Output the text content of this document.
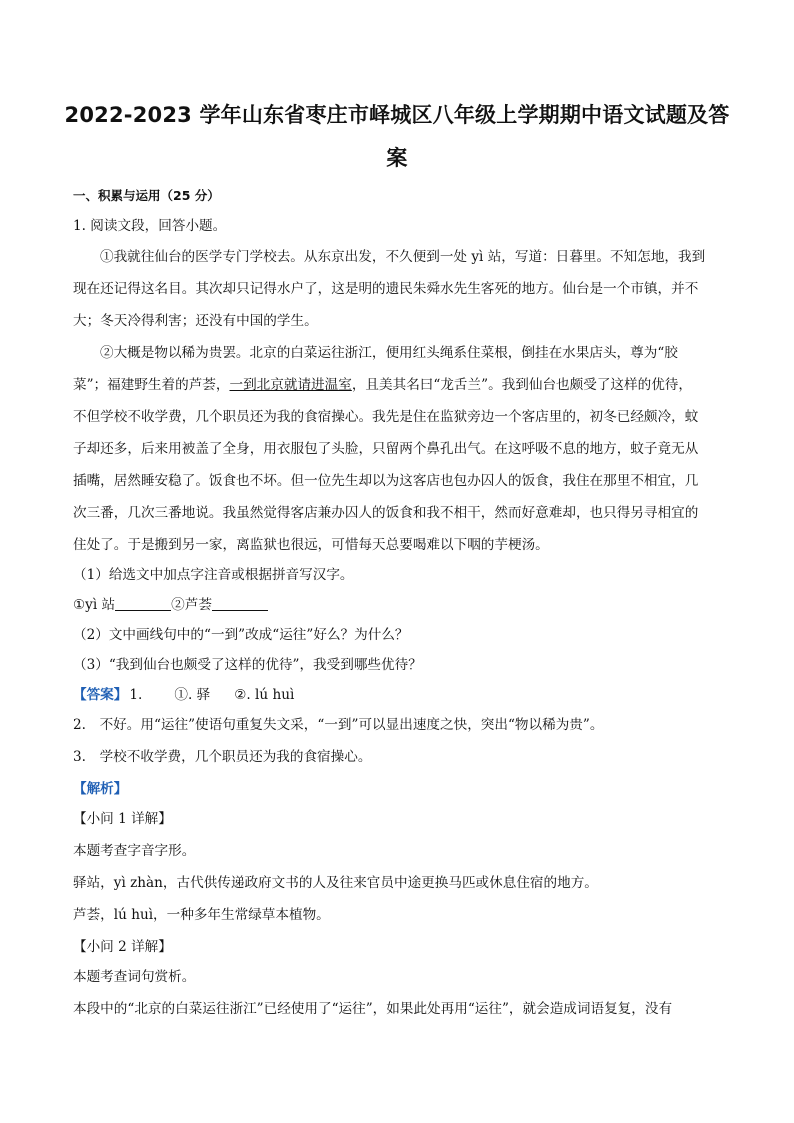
2022-2023 学年山东省枣庄市峄城区八年级上学期期中语文试题及答
案
一、积累与运用（25 分）
1. 阅读文段，回答小题。
①我就往仙台的医学专门学校去。从东京出发，不久便到一处 yì 站，写道：日暮里。不知怎地，我到
现在还记得这名目。其次却只记得水户了，这是明的遗民朱舜水先生客死的地方。仙台是一个市镇，并不
大；冬天冷得利害；还没有中国的学生。
②大概是物以稀为贵罢。北京的白菜运往浙江，便用红头绳系住菜根，倒挂在水果店头，尊为“胶
菜”；福建野生着的芦荟，一到北京就请进温室，且美其名曰“龙舌兰”。我到仙台也颇受了这样的优待，
不但学校不收学费，几个职员还为我的食宿操心。我先是住在监狱旁边一个客店里的，初冬已经颇冷，蚊
子却还多，后来用被盖了全身，用衣服包了头脸，只留两个鼻孔出气。在这呼吸不息的地方，蚊子竟无从
插嘴，居然睡安稳了。饭食也不坏。但一位先生却以为这客店也包办囚人的饭食，我住在那里不相宜，几
次三番，几次三番地说。我虽然觉得客店兼办囚人的饭食和我不相干，然而好意难却，也只得另寻相宜的
住处了。于是搬到另一家，离监狱也很远，可惜每天总要喝难以下咽的芋梗汤。
（1）给选文中加点字注音或根据拼音写汉字。
①yì 站	②芦荟
（2）文中画线句中的“一到”改成“运往”好么？为什么？
（3）“我到仙台也颇受了这样的优待”，我受到哪些优待？
【答案】 1. ①. 驿 ②. lú huì
2.　不好。用“运往”使语句重复失文采，“一到”可以显出速度之快，突出“物以稀为贵”。
3.　学校不收学费，几个职员还为我的食宿操心。
【解析】
【小问 1 详解】
本题考查字音字形。
驿站，yì zhàn，古代供传递政府文书的人及往来官员中途更换马匹或休息住宿的地方。
芦荟，lú huì，一种多年生常绿草本植物。
【小问 2 详解】
本题考查词句赏析。
本段中的“北京的白菜运往浙江”已经使用了“运往”，如果此处再用“运往”，就会造成词语复复，没有
